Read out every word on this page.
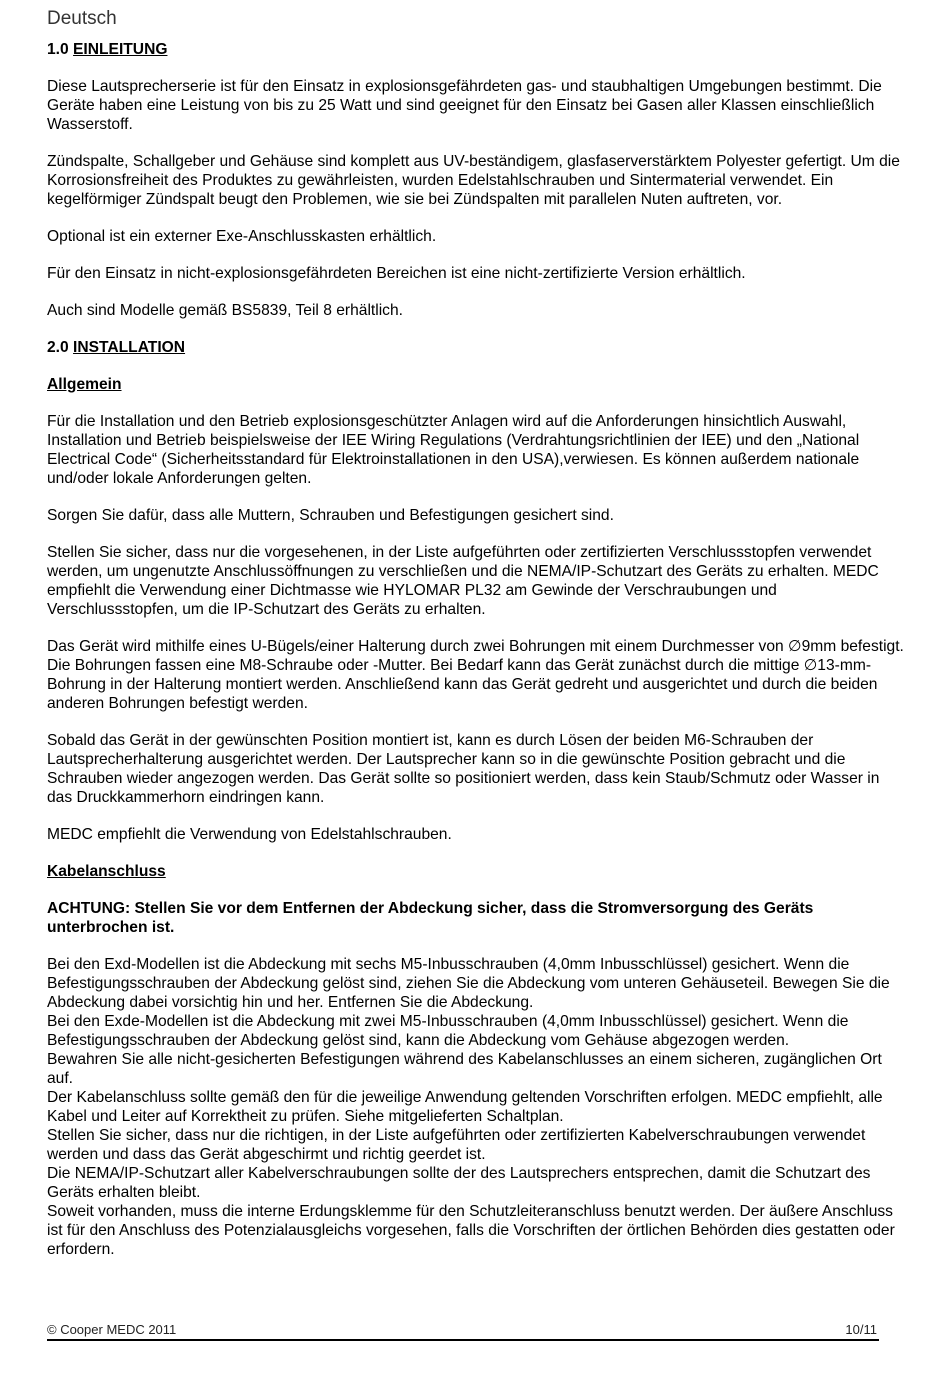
Deutsch
1.0 EINLEITUNG

Diese Lautsprecherserie ist für den Einsatz in explosionsgefährdeten gas- und staubhaltigen Umgebungen bestimmt. Die Geräte haben eine Leistung von bis zu 25 Watt und sind geeignet für den Einsatz bei Gasen aller Klassen einschließlich Wasserstoff.

Zündspalte, Schallgeber und Gehäuse sind komplett aus UV-beständigem, glasfaserverstärktem Polyester gefertigt. Um die Korrosionsfreiheit des Produktes zu gewährleisten, wurden Edelstahlschrauben und Sintermaterial verwendet. Ein kegelförmiger Zündspalt beugt den Problemen, wie sie bei Zündspalten mit parallelen Nuten auftreten, vor.

Optional ist ein externer Exe-Anschlusskasten erhältlich.

Für den Einsatz in nicht-explosionsgefährdeten Bereichen ist eine nicht-zertifizierte Version erhältlich.

Auch sind Modelle gemäß BS5839, Teil 8 erhältlich.

2.0 INSTALLATION
Allgemein

Für die Installation und den Betrieb explosionsgeschützter Anlagen wird auf die Anforderungen hinsichtlich Auswahl, Installation und Betrieb beispielsweise der IEE Wiring Regulations (Verdrahtungsrichtlinien der IEE) und den „National Electrical Code“ (Sicherheitsstandard für Elektroinstallationen in den USA),verwiesen. Es können außerdem nationale und/oder lokale Anforderungen gelten.

Sorgen Sie dafür, dass alle Muttern, Schrauben und Befestigungen gesichert sind.

Stellen Sie sicher, dass nur die vorgesehenen, in der Liste aufgeführten oder zertifizierten Verschlussstopfen verwendet werden, um ungenutzte Anschlussöffnungen zu verschließen und die NEMA/IP-Schutzart des Geräts zu erhalten. MEDC empfiehlt die Verwendung einer Dichtmasse wie HYLOMAR PL32 am Gewinde der Verschraubungen und Verschlussstopfen, um die IP-Schutzart des Geräts zu erhalten.

Das Gerät wird mithilfe eines U-Bügels/einer Halterung durch zwei Bohrungen mit einem Durchmesser von ∅9mm befestigt. Die Bohrungen fassen eine M8-Schraube oder -Mutter. Bei Bedarf kann das Gerät zunächst durch die mittige ∅13-mm-Bohrung in der Halterung montiert werden. Anschließend kann das Gerät gedreht und ausgerichtet und durch die beiden anderen Bohrungen befestigt werden.

Sobald das Gerät in der gewünschten Position montiert ist, kann es durch Lösen der beiden M6-Schrauben der Lautsprecherhalterung ausgerichtet werden. Der Lautsprecher kann so in die gewünschte Position gebracht und die Schrauben wieder angezogen werden. Das Gerät sollte so positioniert werden, dass kein Staub/Schmutz oder Wasser in das Druckkammerhorn eindringen kann.

MEDC empfiehlt die Verwendung von Edelstahlschrauben.

Kabelanschluss
ACHTUNG: Stellen Sie vor dem Entfernen der Abdeckung sicher, dass die Stromversorgung des Geräts unterbrochen ist.

Bei den Exd-Modellen ist die Abdeckung mit sechs M5-Inbusschrauben (4,0mm Inbusschlüssel) gesichert. Wenn die Befestigungsschrauben der Abdeckung gelöst sind, ziehen Sie die Abdeckung vom unteren Gehäuseteil. Bewegen Sie die Abdeckung dabei vorsichtig hin und her. Entfernen Sie die Abdeckung.

Bei den Exde-Modellen ist die Abdeckung mit zwei M5-Inbusschrauben (4,0mm Inbusschlüssel) gesichert. Wenn die Befestigungsschrauben der Abdeckung gelöst sind, kann die Abdeckung vom Gehäuse abgezogen werden.

Bewahren Sie alle nicht-gesicherten Befestigungen während des Kabelanschlusses an einem sicheren, zugänglichen Ort auf.

Der Kabelanschluss sollte gemäß den für die jeweilige Anwendung geltenden Vorschriften erfolgen. MEDC empfiehlt, alle Kabel und Leiter auf Korrektheit zu prüfen. Siehe mitgelieferten Schaltplan.

Stellen Sie sicher, dass nur die richtigen, in der Liste aufgeführten oder zertifizierten Kabelverschraubungen verwendet werden und dass das Gerät abgeschirmt und richtig geerdet ist.

Die NEMA/IP-Schutzart aller Kabelverschraubungen sollte der des Lautsprechers entsprechen, damit die Schutzart des Geräts erhalten bleibt.

Soweit vorhanden, muss die interne Erdungsklemme für den Schutzleiteranschluss benutzt werden. Der äußere Anschluss ist für den Anschluss des Potenzialausgleichs vorgesehen, falls die Vorschriften der örtlichen Behörden dies gestatten oder erfordern.

© Cooper MEDC 2011	10/11
